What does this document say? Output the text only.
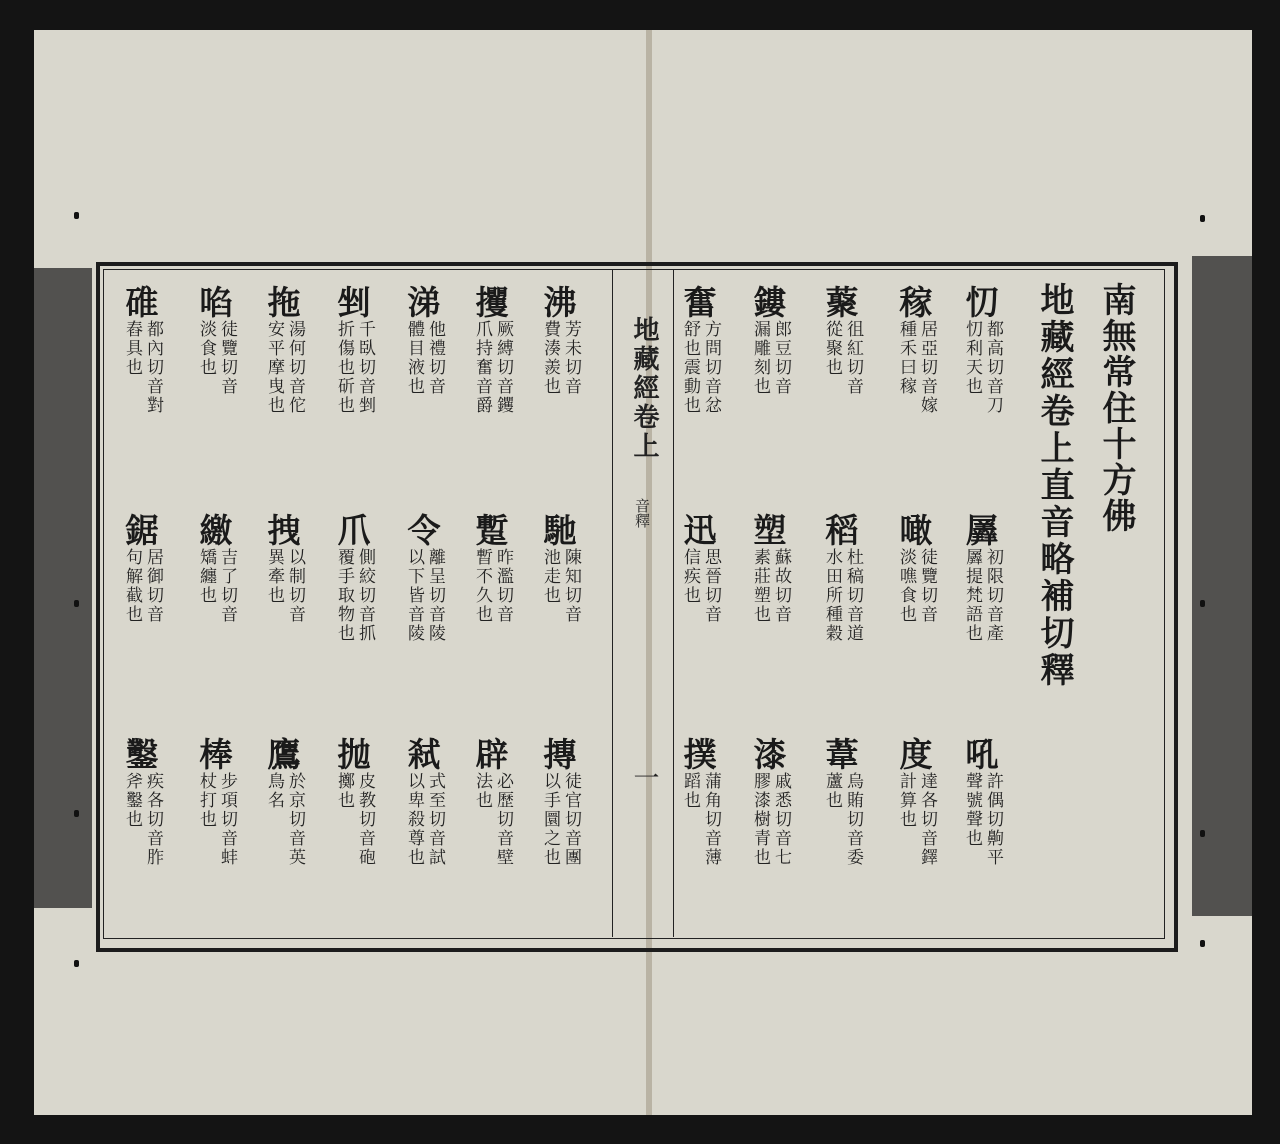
南無常住十方佛
地藏經卷上直音略補切釋
地藏經卷上
音釋
一
忉
都高切音刀
忉利天也
羼
初限切音產
羼提梵語也
吼
許偶切齁平
聲號聲也
稼
居亞切音嫁
種禾曰稼
噉
徒覽切音
淡噍食也
度
達各切音鐸
計算也
藂
徂紅切音
從聚也
稻
杜稿切音道
水田所種穀
葦
烏賄切音委
蘆也
鏤
郎豆切音
漏雕刻也
塑
蘇故切音
素莊塑也
漆
戚悉切音七
膠漆樹青也
奮
方問切音忿
舒也震動也
迅
思晉切音
信疾也
撲
蒲角切音薄
蹈也
沸
芳未切音
費湊羨也
馳
陳知切音
池走也
摶
徒官切音團
以手圜之也
攫
厥縛切音钁
爪持奮音爵
蹔
昨濫切音
暫不久也
辟
必歷切音壁
法也
涕
他禮切音
體目液也
令
離呈切音陵
以下皆音陵
弒
式至切音試
以卑殺尊也
剉
千臥切音剉
折傷也斫也
爪
側絞切音抓
覆手取物也
抛
皮教切音砲
擲也
拖
湯何切音佗
安平摩曳也
拽
以制切音
異牽也
鷹
於京切音英
鳥名
啗
徒覽切音
淡食也
繳
吉了切音
矯纏也
棒
步項切音蚌
杖打也
碓
都內切音對
舂具也
鋸
居御切音
句解截也
鑿
疾各切音胙
斧鑿也
